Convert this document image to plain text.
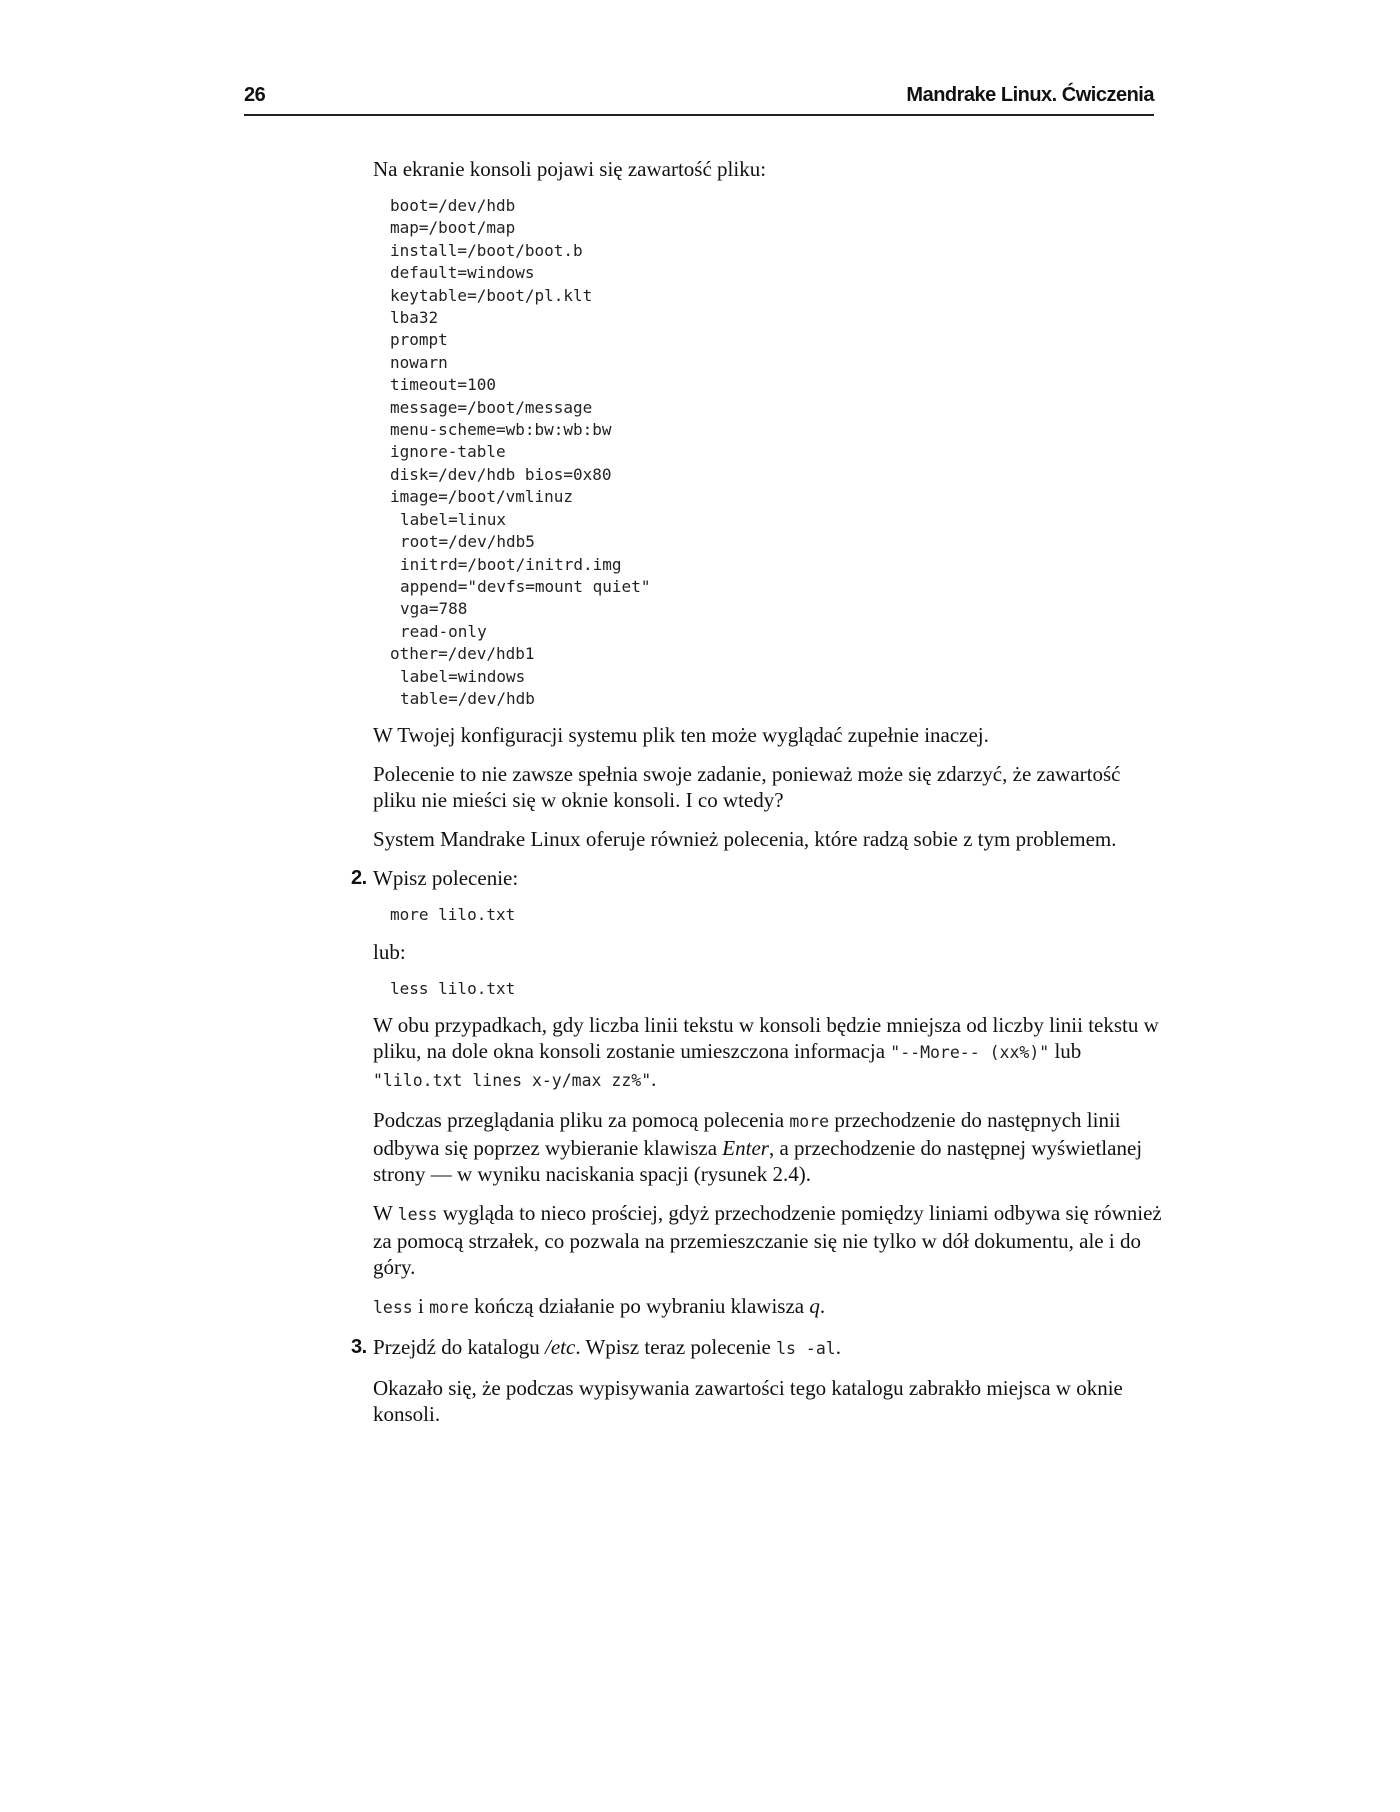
26	Mandrake Linux. Ćwiczenia

Na ekranie konsoli pojawi się zawartość pliku:

boot=/dev/hdb
map=/boot/map
install=/boot/boot.b
default=windows
keytable=/boot/pl.klt
lba32
prompt
nowarn
timeout=100
message=/boot/message
menu-scheme=wb:bw:wb:bw
ignore-table
disk=/dev/hdb bios=0x80
image=/boot/vmlinuz
label=linux
root=/dev/hdb5
initrd=/boot/initrd.img
append="devfs=mount quiet"
vga=788
read-only
other=/dev/hdb1
label=windows
table=/dev/hdb

W Twojej konfiguracji systemu plik ten może wyglądać zupełnie inaczej.

Polecenie to nie zawsze spełnia swoje zadanie, ponieważ może się zdarzyć, że zawartość pliku nie mieści się w oknie konsoli. I co wtedy?

System Mandrake Linux oferuje również polecenia, które radzą sobie z tym problemem.

2. Wpisz polecenie:
more lilo.txt

lub:

less lilo.txt

W obu przypadkach, gdy liczba linii tekstu w konsoli będzie mniejsza od liczby linii tekstu w pliku, na dole okna konsoli zostanie umieszczona informacja "--More-- (xx%)" lub "lilo.txt lines x-y/max zz%".

Podczas przeglądania pliku za pomocą polecenia more przechodzenie do następnych linii odbywa się poprzez wybieranie klawisza Enter, a przechodzenie do następnej wyświetlanej strony — w wyniku naciskania spacji (rysunek 2.4).

W less wygląda to nieco prościej, gdyż przechodzenie pomiędzy liniami odbywa się również za pomocą strzałek, co pozwala na przemieszczanie się nie tylko w dół dokumentu, ale i do góry.

less i more kończą działanie po wybraniu klawisza q.

3. Przejdź do katalogu /etc. Wpisz teraz polecenie ls -al.

Okazało się, że podczas wypisywania zawartości tego katalogu zabrakło miejsca w oknie konsoli.
